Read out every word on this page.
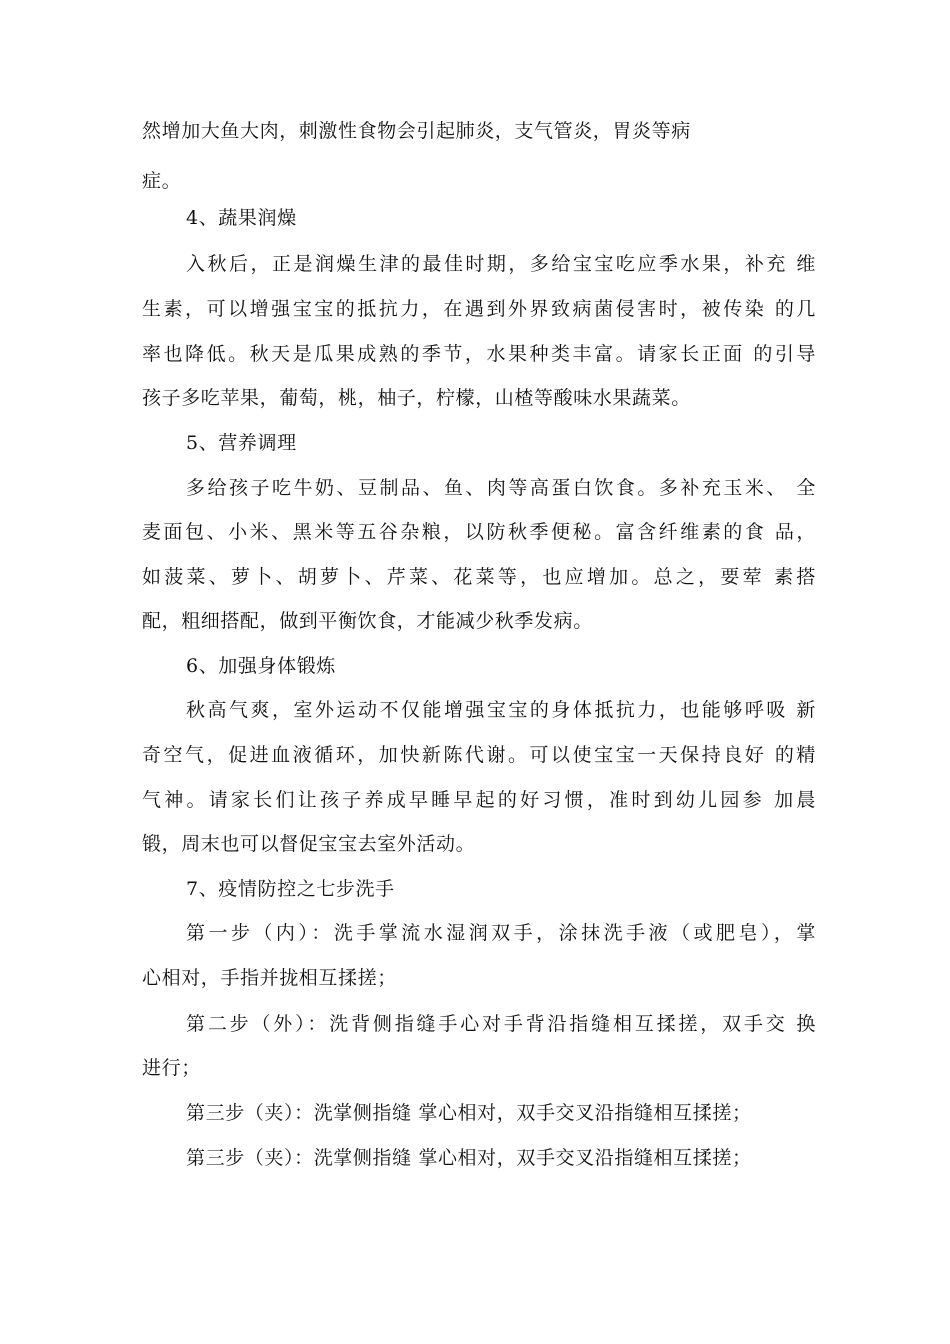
然增加大鱼大肉，刺激性食物会引起肺炎，支气管炎，胃炎等病
症。
4、蔬果润燥
入秋后，正是润燥生津的最佳时期，多给宝宝吃应季水果，补充 维
生素，可以增强宝宝的抵抗力，在遇到外界致病菌侵害时，被传染 的几
率也降低。秋天是瓜果成熟的季节，水果种类丰富。请家长正面 的引导
孩子多吃苹果，葡萄，桃，柚子，柠檬，山楂等酸味水果蔬菜。
5、营养调理
多给孩子吃牛奶、豆制品、鱼、肉等高蛋白饮食。多补充玉米、 全
麦面包、小米、黑米等五谷杂粮，以防秋季便秘。富含纤维素的食 品，
如菠菜、萝卜、胡萝卜、芹菜、花菜等，也应增加。总之，要荤 素搭
配，粗细搭配，做到平衡饮食，才能减少秋季发病。
6、加强身体锻炼
秋高气爽，室外运动不仅能增强宝宝的身体抵抗力，也能够呼吸 新
奇空气，促进血液循环，加快新陈代谢。可以使宝宝一天保持良好 的精
气神。请家长们让孩子养成早睡早起的好习惯，准时到幼儿园参 加晨
锻，周末也可以督促宝宝去室外活动。
7、疫情防控之七步洗手
第一步（内）：洗手掌流水湿润双手，涂抹洗手液（或肥皂），掌
心相对，手指并拢相互揉搓；
第二步（外）：洗背侧指缝手心对手背沿指缝相互揉搓，双手交 换
进行；
第三步（夹）：洗掌侧指缝 掌心相对，双手交叉沿指缝相互揉搓；
第三步（夹）：洗掌侧指缝 掌心相对，双手交叉沿指缝相互揉搓；
